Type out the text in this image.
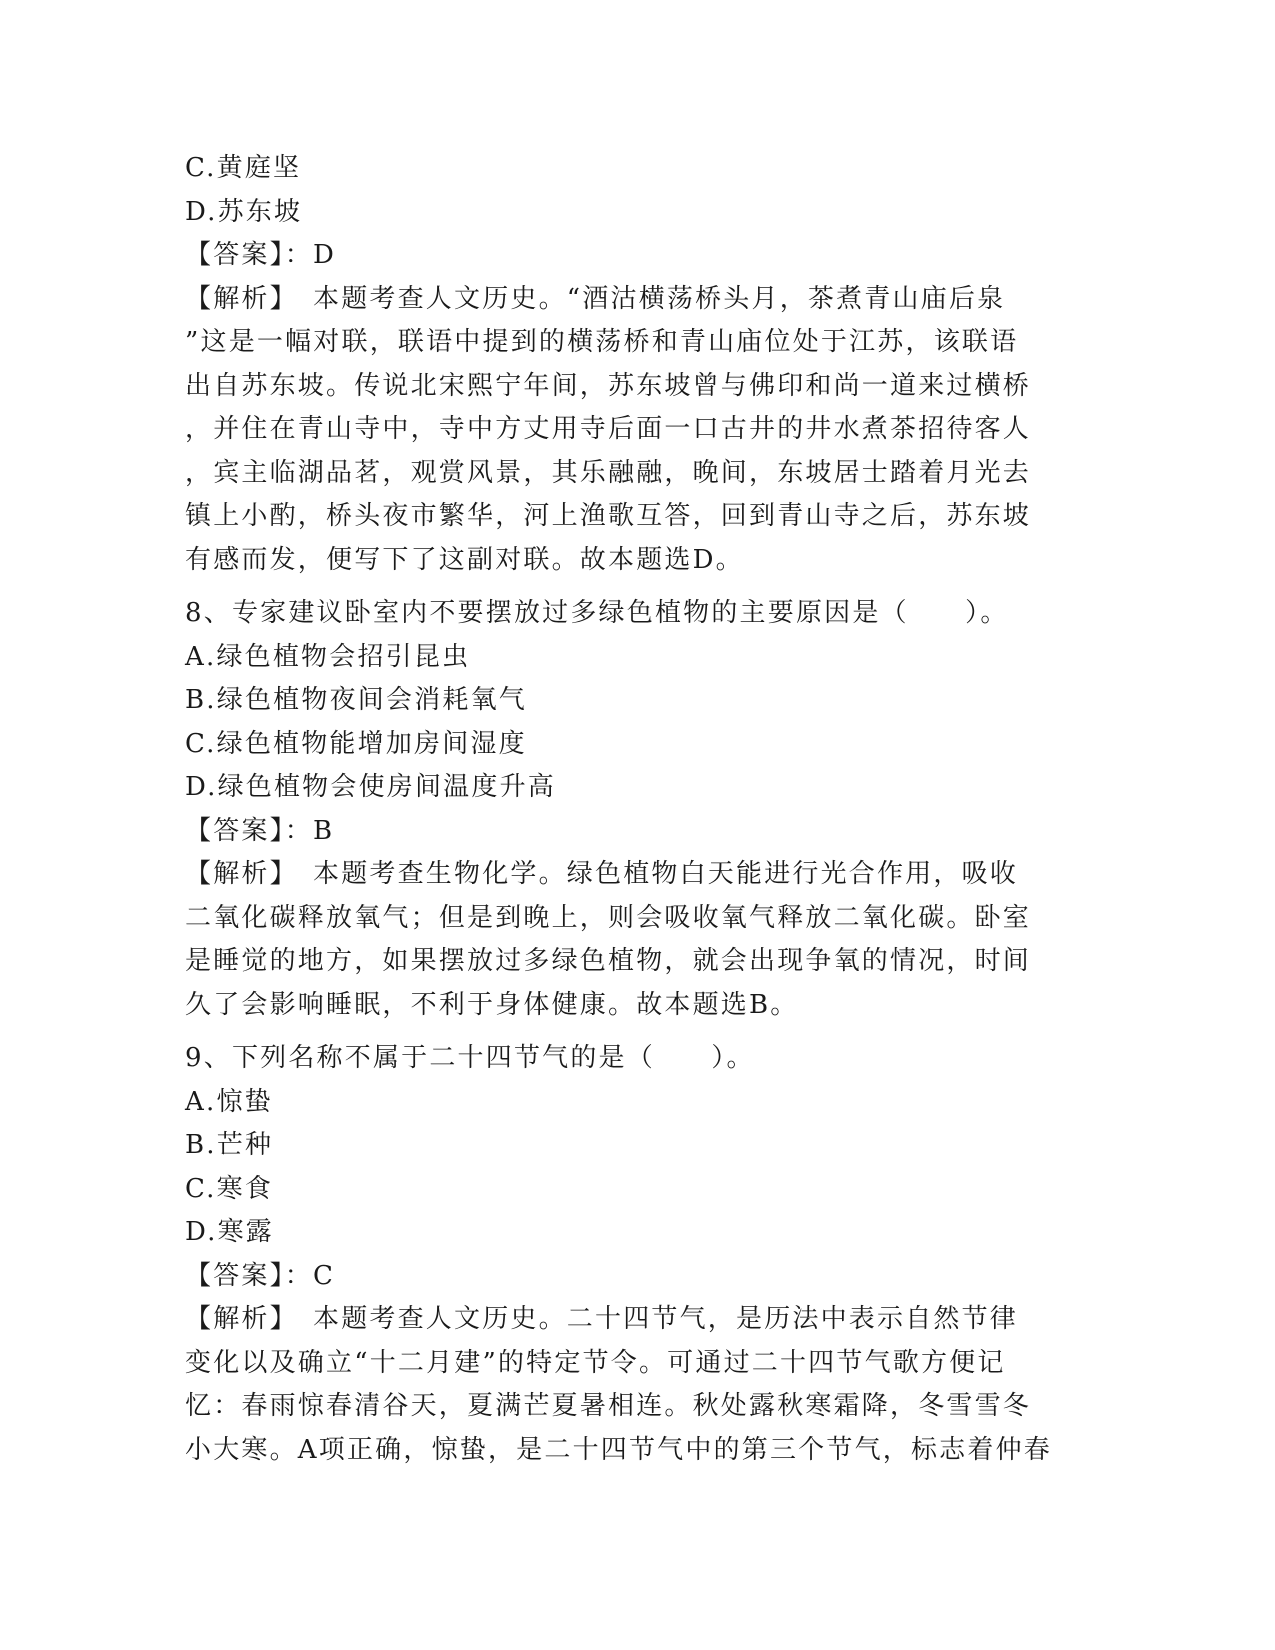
C.黄庭坚
D.苏东坡
【答案】：D
【解析】　本题考查人文历史。“酒沽横荡桥头月，茶煮青山庙后泉
”这是一幅对联，联语中提到的横荡桥和青山庙位处于江苏，该联语
出自苏东坡。传说北宋熙宁年间，苏东坡曾与佛印和尚一道来过横桥
，并住在青山寺中，寺中方丈用寺后面一口古井的井水煮茶招待客人
，宾主临湖品茗，观赏风景，其乐融融，晚间，东坡居士踏着月光去
镇上小酌，桥头夜市繁华，河上渔歌互答，回到青山寺之后，苏东坡
有感而发，便写下了这副对联。故本题选D。
8、专家建议卧室内不要摆放过多绿色植物的主要原因是（　　）。
A.绿色植物会招引昆虫
B.绿色植物夜间会消耗氧气
C.绿色植物能增加房间湿度
D.绿色植物会使房间温度升高
【答案】：B
【解析】　本题考查生物化学。绿色植物白天能进行光合作用，吸收
二氧化碳释放氧气；但是到晚上，则会吸收氧气释放二氧化碳。卧室
是睡觉的地方，如果摆放过多绿色植物，就会出现争氧的情况，时间
久了会影响睡眠，不利于身体健康。故本题选B。
9、下列名称不属于二十四节气的是（　　）。
A.惊蛰
B.芒种
C.寒食
D.寒露
【答案】：C
【解析】　本题考查人文历史。二十四节气，是历法中表示自然节律
变化以及确立“十二月建”的特定节令。可通过二十四节气歌方便记
忆：春雨惊春清谷天，夏满芒夏暑相连。秋处露秋寒霜降，冬雪雪冬
小大寒。A项正确，惊蛰，是二十四节气中的第三个节气，标志着仲春
